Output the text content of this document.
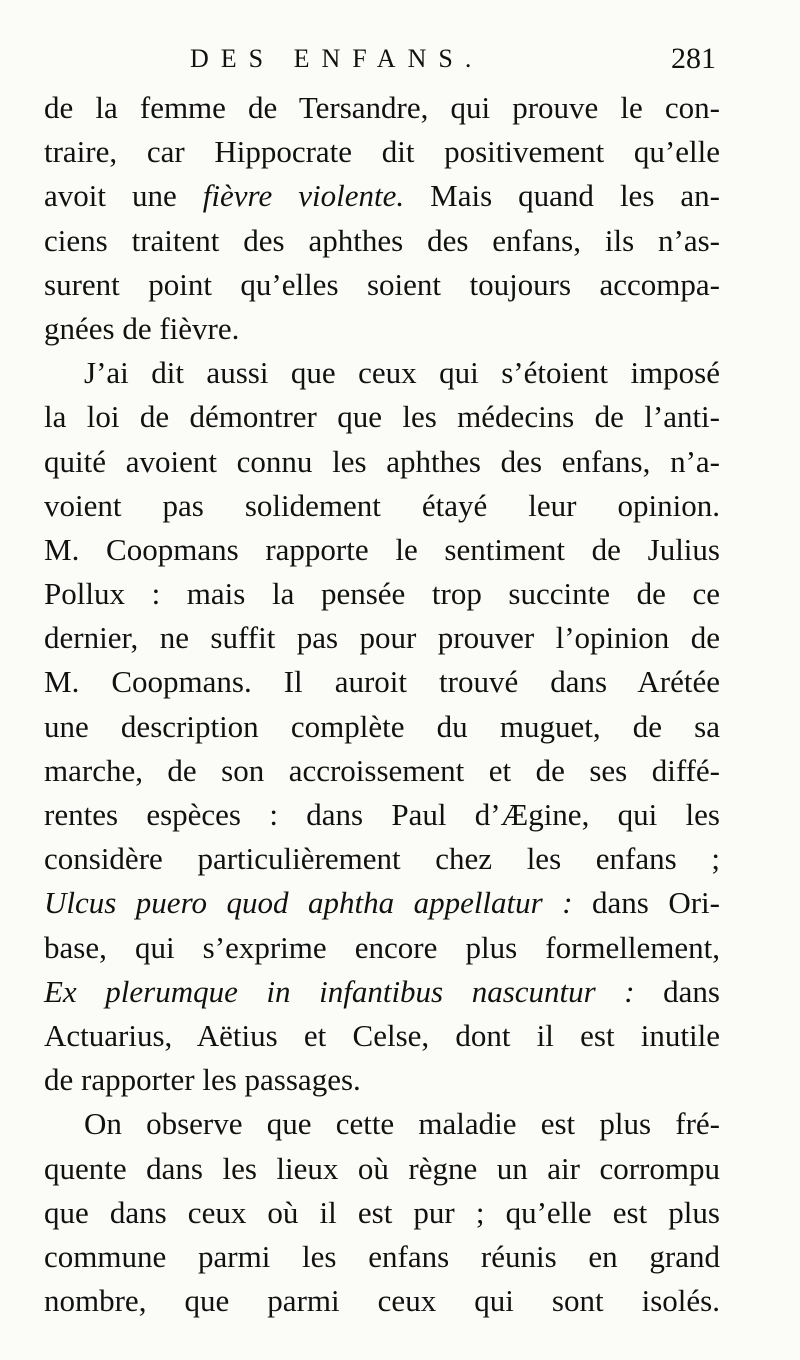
DES ENFANS.	281
de la femme de Tersandre, qui prouve le con-
traire, car Hippocrate dit positivement qu’elle
avoit une fièvre violente. Mais quand les an-
ciens traitent des aphthes des enfans, ils n’as-
surent point qu’elles soient toujours accompa-
gnées de fièvre.
J’ai dit aussi que ceux qui s’étoient imposé
la loi de démontrer que les médecins de l’anti-
quité avoient connu les aphthes des enfans, n’a-
voient pas solidement étayé leur opinion.
M. Coopmans rapporte le sentiment de Julius
Pollux : mais la pensée trop succinte de ce
dernier, ne suffit pas pour prouver l’opinion de
M. Coopmans. Il auroit trouvé dans Arétée
une description complète du muguet, de sa
marche, de son accroissement et de ses diffé-
rentes espèces : dans Paul d’Ægine, qui les
considère particulièrement chez les enfans ;
Ulcus puero quod aphtha appellatur : dans Ori-
base, qui s’exprime encore plus formellement,
Ex plerumque in infantibus nascuntur : dans
Actuarius, Aëtius et Celse, dont il est inutile
de rapporter les passages.
On observe que cette maladie est plus fré-
quente dans les lieux où règne un air corrompu
que dans ceux où il est pur ; qu’elle est plus
commune parmi les enfans réunis en grand
nombre, que parmi ceux qui sont isolés.
